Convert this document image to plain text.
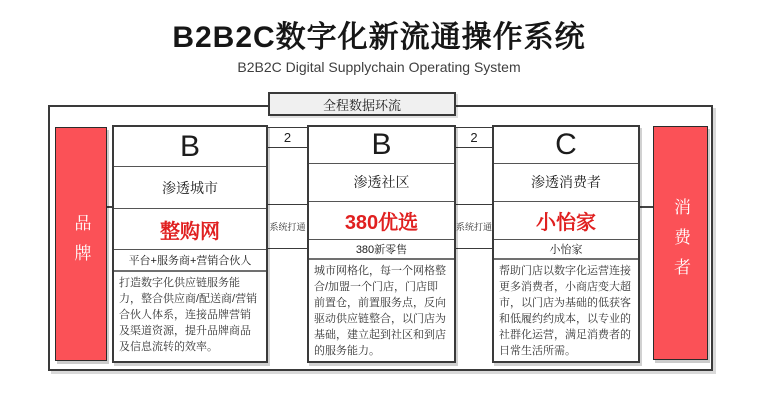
B2B2C数字化新流通操作系统
B2B2C Digital Supplychain Operating System
全程数据环流
品牌	消费者
B
渗透城市
整购网
平台+服务商+营销合伙人
打造数字化供应链服务能力，整合供应商/配送商/营销合伙人体系，连接品牌营销及渠道资源，提升品牌商品及信息流转的效率。
2
系统打通
B
渗透社区
380优选
380新零售
城市网格化，每一个网格整合/加盟一个门店，门店即前置仓，前置服务点，反向驱动供应链整合，以门店为基础，建立起到社区和到店的服务能力。
2
系统打通
C
渗透消费者
小怡家
小怡家
帮助门店以数字化运营连接更多消费者，小商店变大超市，以门店为基础的低获客和低履约约成本，以专业的社群化运营，满足消费者的日常生活所需。
